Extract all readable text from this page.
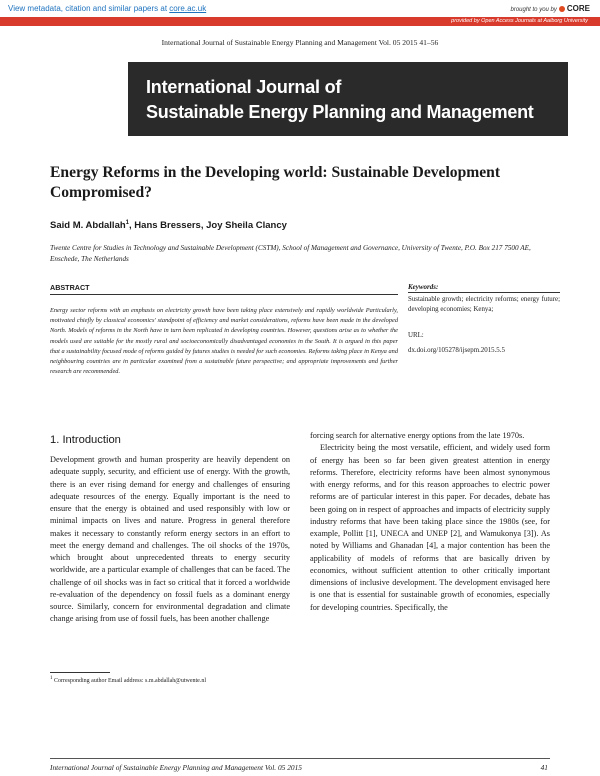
View metadata, citation and similar papers at core.ac.uk	brought to you by CORE
provided by Open Access Journals at Aalborg University
International Journal of Sustainable Energy Planning and Management Vol. 05 2015 41–56
International Journal of
Sustainable Energy Planning and Management
Energy Reforms in the Developing world: Sustainable Development Compromised?
Said M. Abdallah$^1$, Hans Bressers, Joy Sheila Clancy
Twente Centre for Studies in Technology and Sustainable Development (CSTM), School of Management and Governance, University of Twente, P.O. Box 217 7500 AE, Enschede, The Netherlands
ABSTRACT
Energy sector reforms with an emphasis on electricity growth have been taking place extensively and rapidly worldwide Particularly, motivated chiefly by classical economics' standpoint of efficiency and market considerations, reforms have been made in the developed North. Models of reforms in the North have in turn been replicated in developing countries. However, questions arise as to whether the models used are suitable for the mostly rural and socioeconomically disadvantaged economies in the South. It is argued in this paper that a sustainability focused mode of reforms guided by futures studies is needed for such economies. Reforms taking place in Kenya and neighbouring countries are in particular examined from a sustainable future perspective; and appropriate improvements and further research are recommended.
Keywords:
Sustainable growth; electricity reforms; energy future; developing economies; Kenya;
URL:
dx.doi.org/105278/ijsepm.2015.5.5
1. Introduction

Development growth and human prosperity are heavily dependent on adequate supply, security, and efficient use of energy. With the growth, there is an ever rising demand for energy and challenges of ensuring adequate resources of the energy. Equally important is the need to ensure that the energy is obtained and used responsibly with low or minimal impacts on lives and nature. Progress in general therefore makes it necessary to constantly reform energy sectors in an effort to meet the energy demand and challenges. The oil shocks of the 1970s, which brought about unprecedented threats to energy security worldwide, are a particular example of challenges that can be faced. The challenge of oil shocks was in fact so critical that it forced a worldwide re-evaluation of the dependency on fossil fuels as a dominant energy source. Similarly, concern for environmental degradation and climate change arising from use of fossil fuels, has been another challenge

forcing search for alternative energy options from the late 1970s.

Electricity being the most versatile, efficient, and widely used form of energy has been so far been given greatest attention in energy reforms. Therefore, electricity reforms have been almost synonymous with energy reforms, and for this reason approaches to electric power reforms are of particular interest in this paper. For decades, debate has been going on in respect of approaches and impacts of electricity supply industry reforms that have been taking place since the 1980s (see, for example, Pollitt [1], UNECA and UNEP [2], and Wamukonya [3]). As noted by Williams and Ghanadan [4], a major contention has been the applicability of models of reforms that are basically driven by economics, without sufficient attention to other critically important dimensions of inclusive development. The development envisaged here is one that is essential for sustainable growth of economies, especially for developing countries. Specifically, the

$^1$ Corresponding author Email address: s.m.abdallah@utwente.nl
International Journal of Sustainable Energy Planning and Management Vol. 05 2015	41
